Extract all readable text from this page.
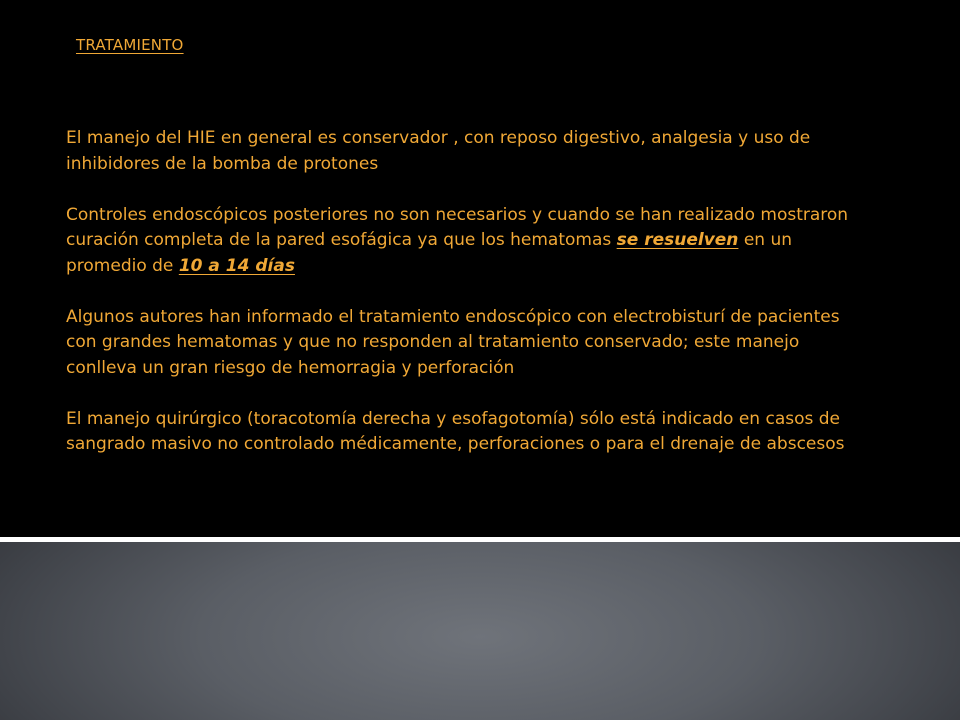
TRATAMIENTO

El manejo del HIE en general es conservador , con reposo digestivo, analgesia y uso de inhibidores de la bomba de protones

Controles endoscópicos posteriores no son necesarios y cuando se han realizado mostraron curación completa de la pared esofágica ya que los hematomas se resuelven en un promedio de 10 a 14 días

Algunos autores han informado el tratamiento endoscópico con electrobisturí de pacientes con grandes hematomas y que no responden al tratamiento conservado; este manejo conlleva un gran riesgo de hemorragia y perforación

El manejo quirúrgico (toracotomía derecha y esofagotomía) sólo está indicado en casos de sangrado masivo no controlado médicamente, perforaciones o para el drenaje de abscesos
